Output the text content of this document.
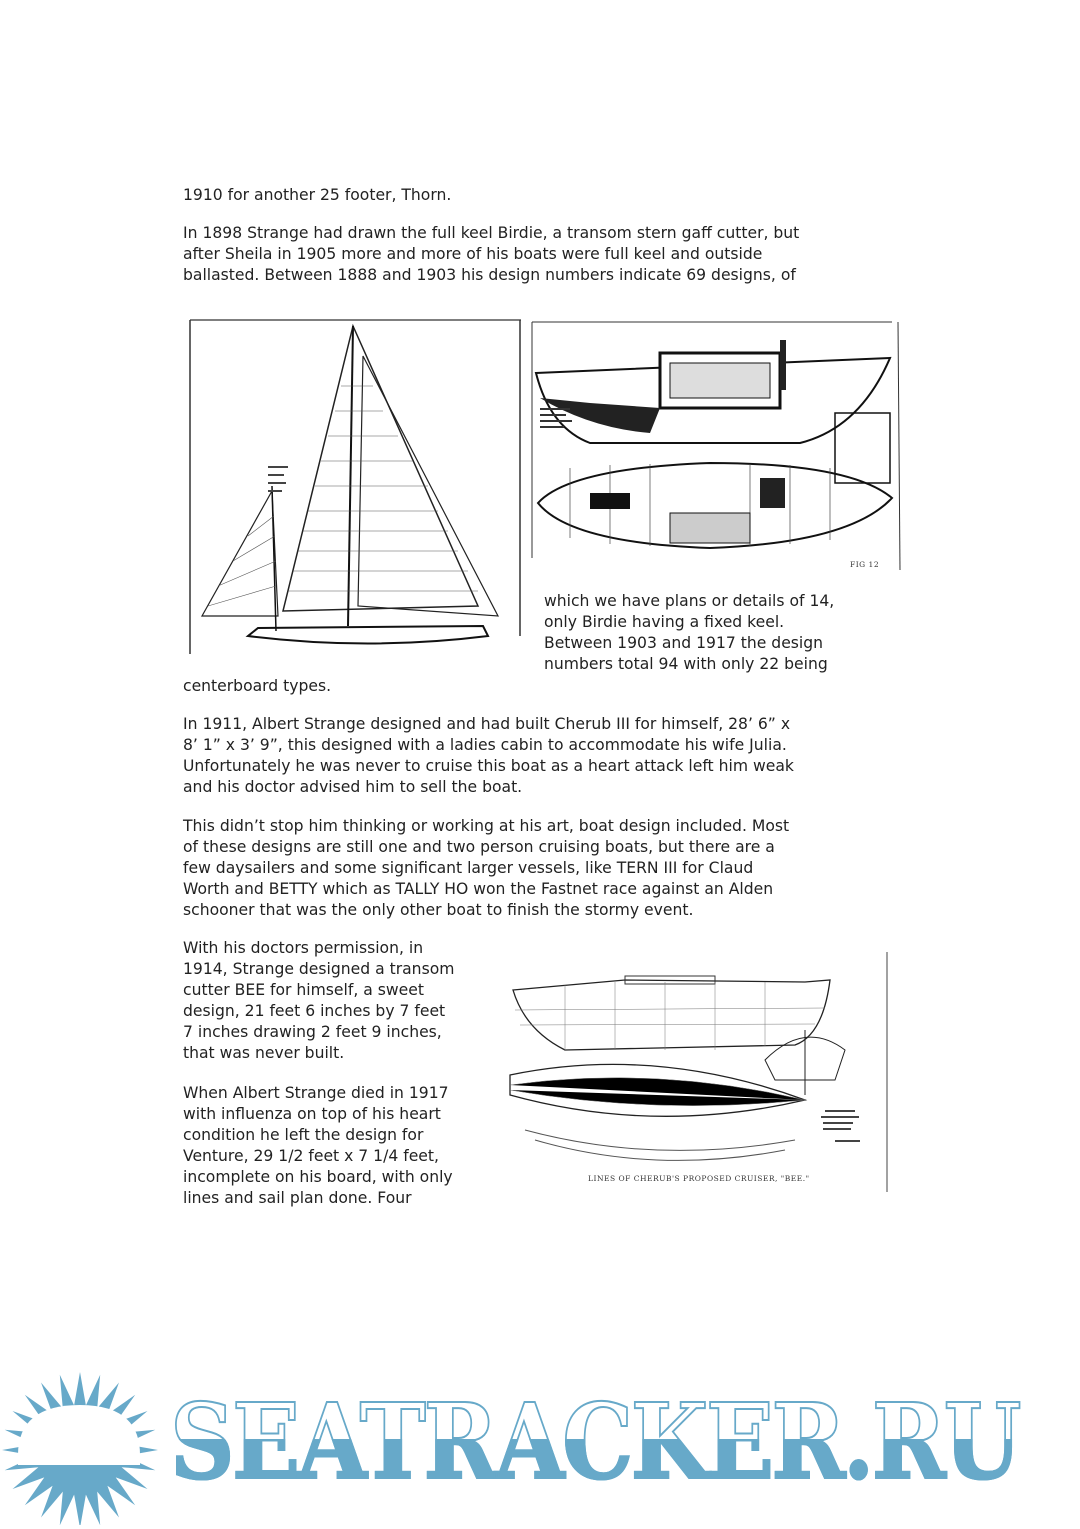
1910 for another 25 footer, Thorn.
In 1898 Strange had drawn the full keel Birdie, a transom stern gaff cutter, but
after Sheila in 1905 more and more of his boats were full keel and outside
ballasted. Between 1888 and 1903 his design numbers indicate 69 designs, of
FIG 12
which we have plans or details of 14,
only Birdie having a fixed keel.
Between 1903 and 1917 the design
numbers total 94 with only 22 being
centerboard types.
In 1911, Albert Strange designed and had built Cherub III for himself, 28’ 6” x
8’ 1” x 3’ 9”, this designed with a ladies cabin to accommodate his wife Julia.
Unfortunately he was never to cruise this boat as a heart attack left him weak
and his doctor advised him to sell the boat.
This didn’t stop him thinking or working at his art, boat design included. Most
of these designs are still one and two person cruising boats, but there are a
few daysailers and some significant larger vessels, like TERN III for Claud
Worth and BETTY which as TALLY HO won the Fastnet race against an Alden
schooner that was the only other boat to finish the stormy event.
With his doctors permission, in
1914, Strange designed a transom
cutter BEE for himself, a sweet
design, 21 feet 6 inches by 7 feet
7 inches drawing 2 feet 9 inches,
that was never built.
When Albert Strange died in 1917
with influenza on top of his heart
condition he left the design for
Venture, 29 1/2 feet x 7 1/4 feet,
incomplete on his board, with only
lines and sail plan done. Four
LINES OF CHERUB'S PROPOSED CRUISER, "BEE."
SEATRACKER.RU
